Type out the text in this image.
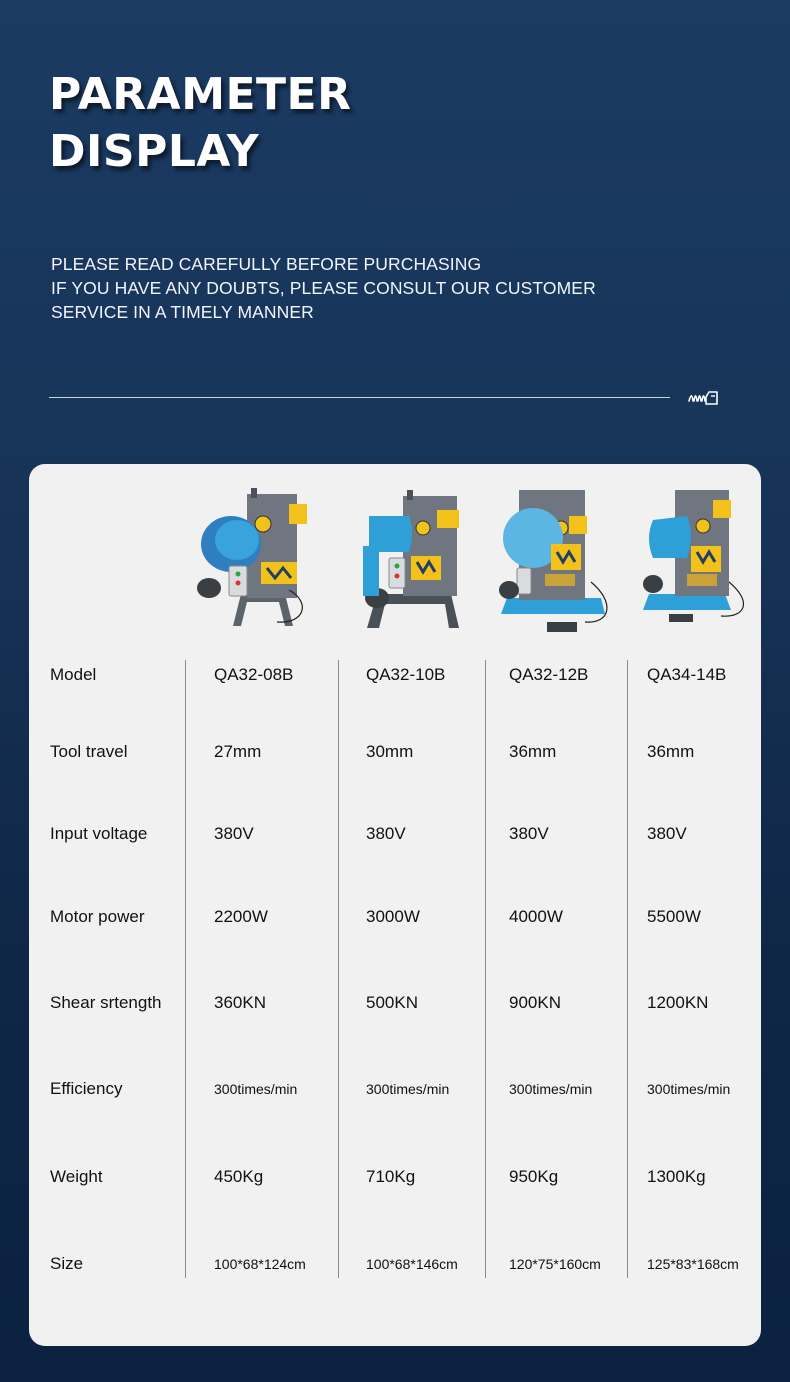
PARAMETER
DISPLAY
PLEASE READ CAREFULLY BEFORE PURCHASING
IF YOU HAVE ANY DOUBTS, PLEASE CONSULT OUR CUSTOMER
SERVICE IN A TIMELY MANNER
Model	QA32-08B	QA32-10B	QA32-12B	QA34-14B
Tool travel	27mm	30mm	36mm	36mm
Input voltage	380V	380V	380V	380V
Motor power	2200W	3000W	4000W	5500W
Shear srtength	360KN	500KN	900KN	1200KN
Efficiency	300times/min	300times/min	300times/min	300times/min
Weight	450Kg	710Kg	950Kg	1300Kg
Size	100*68*124cm	100*68*146cm	120*75*160cm	125*83*168cm
